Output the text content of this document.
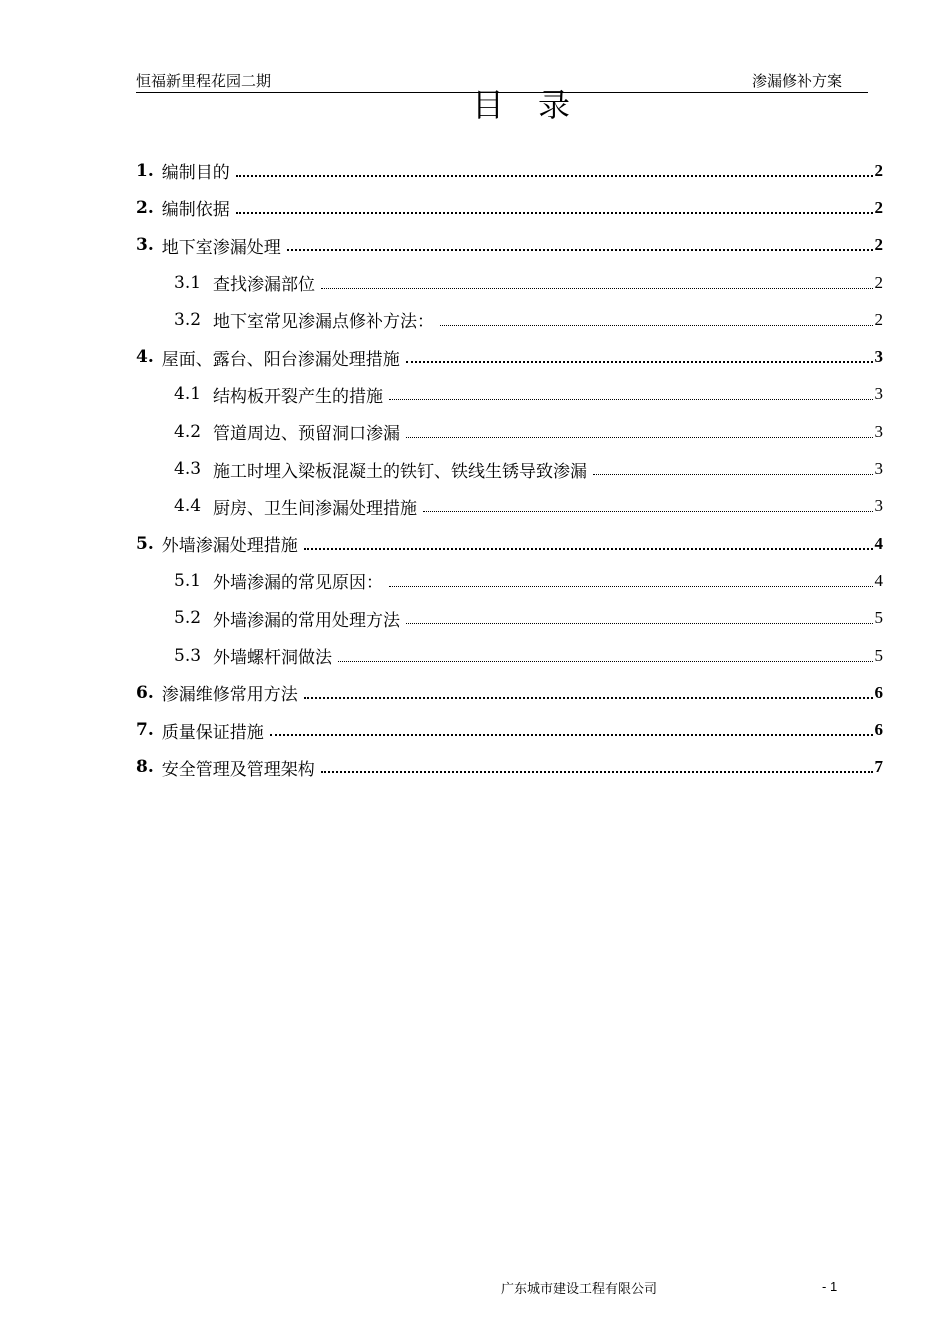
恒福新里程花园二期	渗漏修补方案
目录
1. 编制目的	2
2. 编制依据	2
3. 地下室渗漏处理	2
3.1 查找渗漏部位	2
3.2 地下室常见渗漏点修补方法：	2
4. 屋面、露台、阳台渗漏处理措施	3
4.1 结构板开裂产生的措施	3
4.2 管道周边、预留洞口渗漏	3
4.3 施工时埋入梁板混凝土的铁钉、铁线生锈导致渗漏	3
4.4 厨房、卫生间渗漏处理措施	3
5. 外墙渗漏处理措施	4
5.1 外墙渗漏的常见原因：	4
5.2 外墙渗漏的常用处理方法	5
5.3 外墙螺杆洞做法	5
6. 渗漏维修常用方法	6
7. 质量保证措施	6
8. 安全管理及管理架构	7
广东城市建设工程有限公司	- 1
